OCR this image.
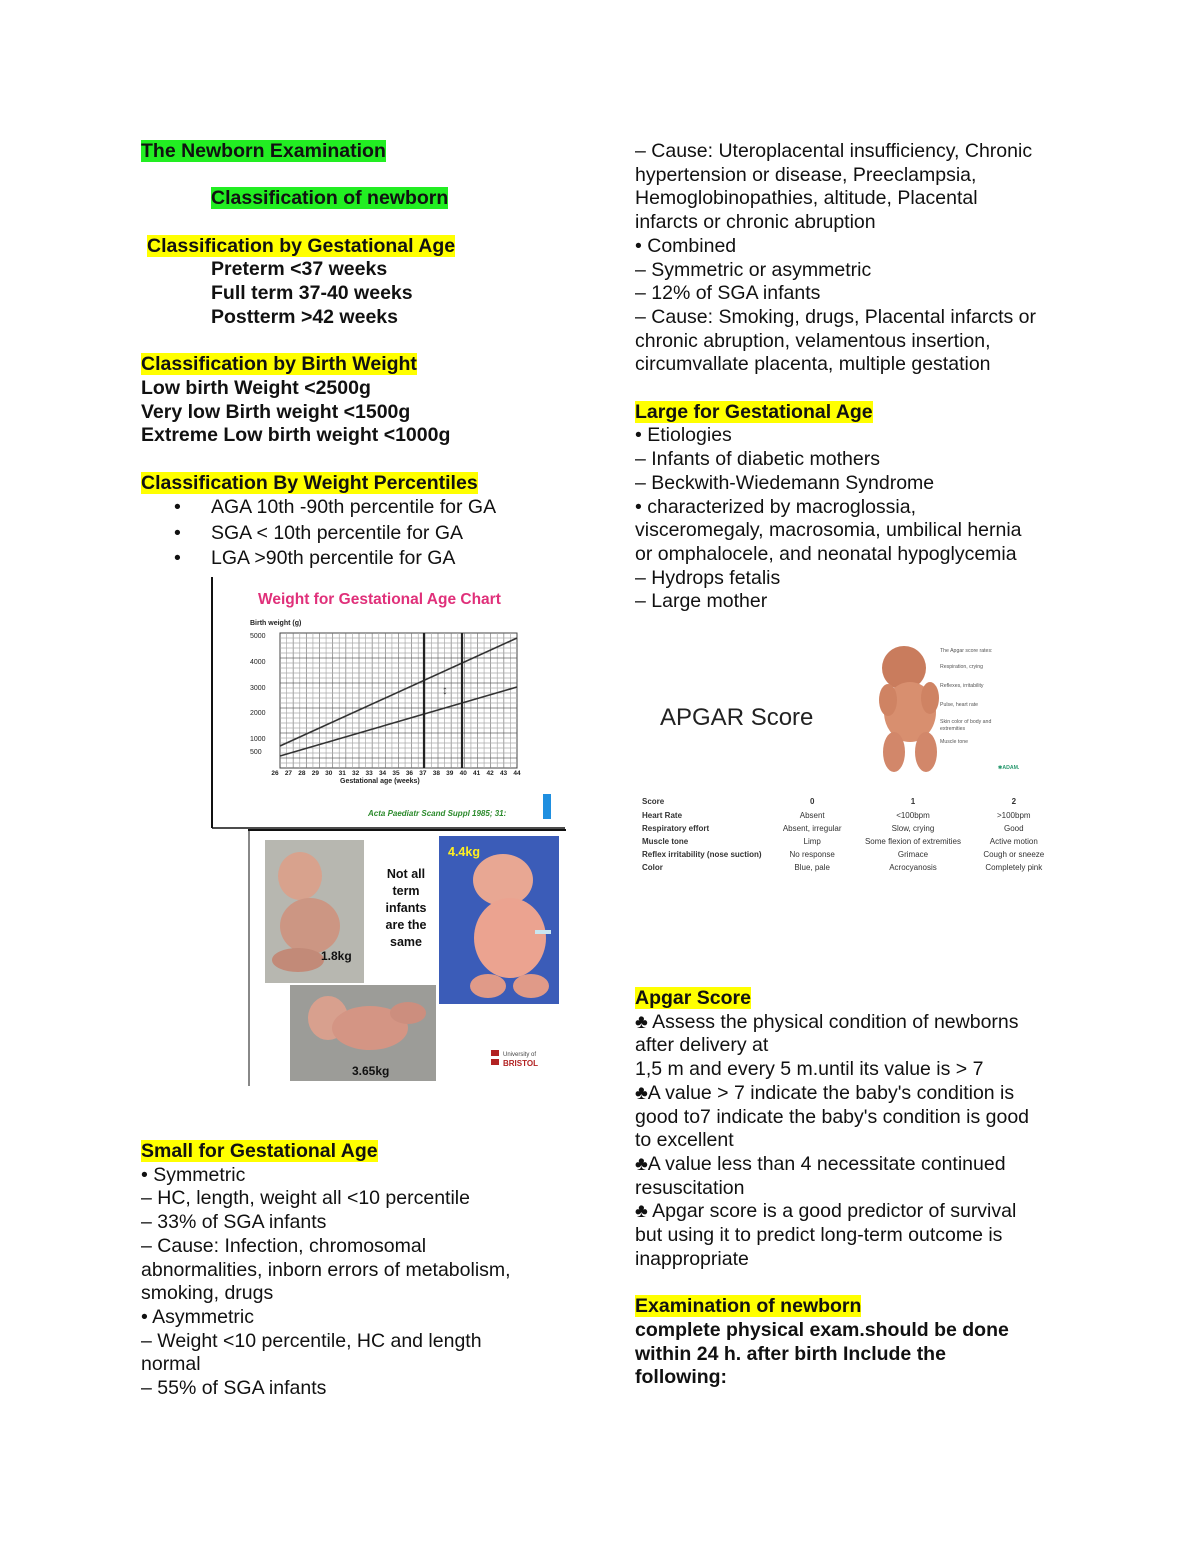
The Newborn Examination
Classification of newborn
Classification by Gestational Age
Preterm <37 weeks
Full term 37-40 weeks
Postterm >42 weeks
Classification by Birth Weight
Low birth Weight <2500g
Very low Birth weight <1500g
Extreme Low birth weight <1000g
Classification By Weight Percentiles
• AGA 10th -90th percentile for GA
• SGA < 10th percentile for GA
• LGA >90th percentile for GA
Weight for Gestational Age Chart
Birth weight (g)
↕
5000
4000
3000
2000
1000
500
26 27 28 29 30 31 32 33 34 35 36 37 38 39 40 41 42 43 44
Gestational age (weeks)
Acta Paediatr Scand Suppl 1985; 31:
1.8kg
Not all
term
infants
are the
same
4.4kg
3.65kg
University of
BRISTOL
Small for Gestational Age
• Symmetric
– HC, length, weight all <10 percentile
– 33% of SGA infants
– Cause: Infection, chromosomal
abnormalities, inborn errors of metabolism,
smoking, drugs
• Asymmetric
– Weight <10 percentile, HC and length
normal
– 55% of SGA infants
– Cause: Uteroplacental insufficiency, Chronic
hypertension or disease, Preeclampsia,
Hemoglobinopathies, altitude, Placental
infarcts or chronic abruption
• Combined
– Symmetric or asymmetric
– 12% of SGA infants
– Cause: Smoking, drugs, Placental infarcts or
chronic abruption, velamentous insertion,
circumvallate placenta, multiple gestation
Large for Gestational Age
• Etiologies
– Infants of diabetic mothers
– Beckwith-Wiedemann Syndrome
• characterized by macroglossia,
visceromegaly, macrosomia, umbilical hernia
or omphalocele, and neonatal hypoglycemia
– Hydrops fetalis
– Large mother
APGAR Score
The Apgar score rates:
Respiration, crying
Reflexes, irritability
Pulse, heart rate
Skin color of body and extremities
Muscle tone
✱ADAM.
Score	0	1	2
Heart Rate	Absent	<100bpm	>100bpm
Respiratory effort	Absent, irregular	Slow, crying	Good
Muscle tone	Limp	Some flexion of extremities	Active motion
Reflex irritability (nose suction)	No response	Grimace	Cough or sneeze
Color	Blue, pale	Acrocyanosis	Completely pink
Apgar Score
♣ Assess the physical condition of newborns
after delivery at
1,5 m and every 5 m.until its value is > 7
♣A value > 7 indicate the baby's condition is
good to7 indicate the baby's condition is good
to excellent
♣A value less than 4 necessitate continued
resuscitation
♣ Apgar score is a good predictor of survival
but using it to predict long-term outcome is
inappropriate
Examination of newborn
complete physical exam.should be done
within 24 h. after birth Include the
following:
